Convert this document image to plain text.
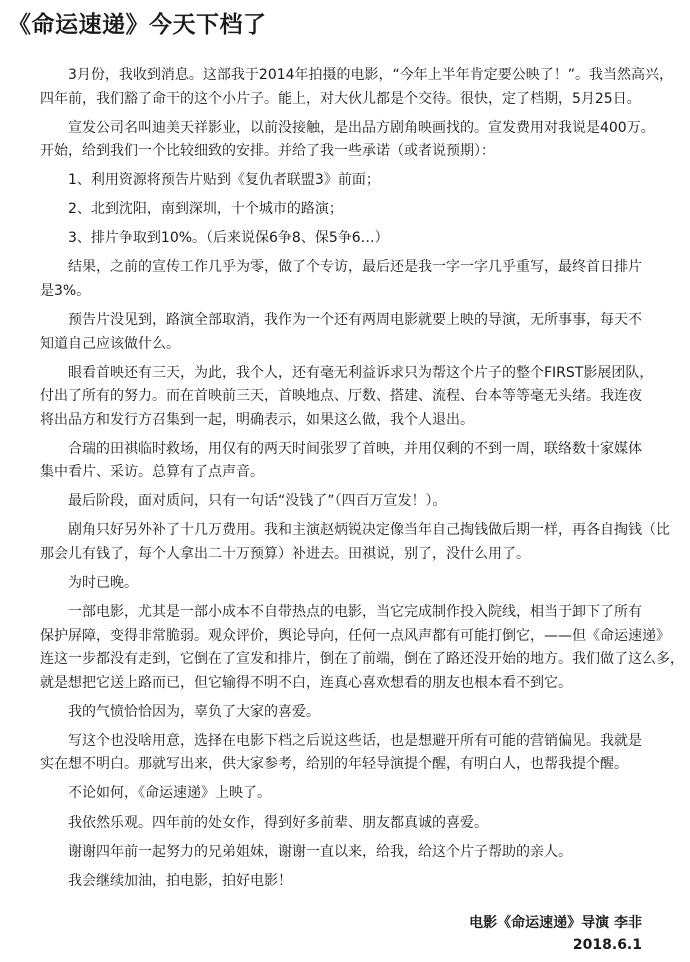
《命运速递》今天下档了

3月份，我收到消息。这部我于2014年拍摄的电影，“今年上半年肯定要公映了！”。我当然高兴，
四年前，我们豁了命干的这个小片子。能上，对大伙儿都是个交待。很快，定了档期，5月25日。

宣发公司名叫迪美天祥影业，以前没接触，是出品方剧角映画找的。宣发费用对我说是400万。
开始，给到我们一个比较细致的安排。并给了我一些承诺（或者说预期）：

1、利用资源将预告片贴到《复仇者联盟3》前面；

2、北到沈阳，南到深圳，十个城市的路演；

3、排片争取到10%。（后来说保6争8、保5争6…）

结果，之前的宣传工作几乎为零，做了个专访，最后还是我一字一字几乎重写，最终首日排片
是3%。

预告片没见到，路演全部取消，我作为一个还有两周电影就要上映的导演，无所事事，每天不
知道自己应该做什么。

眼看首映还有三天，为此，我个人，还有毫无利益诉求只为帮这个片子的整个FIRST影展团队，
付出了所有的努力。而在首映前三天，首映地点、厅数、搭建、流程、台本等等毫无头绪。我连夜
将出品方和发行方召集到一起，明确表示，如果这么做，我个人退出。

合瑞的田祺临时救场，用仅有的两天时间张罗了首映，并用仅剩的不到一周，联络数十家媒体
集中看片、采访。总算有了点声音。

最后阶段，面对质问，只有一句话“没钱了”（四百万宣发！）。

剧角只好另外补了十几万费用。我和主演赵炳锐决定像当年自己掏钱做后期一样，再各自掏钱（比
那会儿有钱了，每个人拿出二十万预算）补进去。田祺说，别了，没什么用了。

为时已晚。

一部电影，尤其是一部小成本不自带热点的电影，当它完成制作投入院线，相当于卸下了所有
保护屏障，变得非常脆弱。观众评价，舆论导向，任何一点风声都有可能打倒它，——但《命运速递》
连这一步都没有走到，它倒在了宣发和排片，倒在了前端，倒在了路还没开始的地方。我们做了这么多，
就是想把它送上路而已，但它输得不明不白，连真心喜欢想看的朋友也根本看不到它。

我的气愤恰恰因为，辜负了大家的喜爱。

写这个也没啥用意，选择在电影下档之后说这些话，也是想避开所有可能的营销偏见。我就是
实在想不明白。那就写出来，供大家参考，给别的年轻导演提个醒，有明白人，也帮我提个醒。

不论如何，《命运速递》上映了。

我依然乐观。四年前的处女作，得到好多前辈、朋友都真诚的喜爱。

谢谢四年前一起努力的兄弟姐妹，谢谢一直以来，给我，给这个片子帮助的亲人。

我会继续加油，拍电影，拍好电影！

电影《命运速递》导演 李非
2018.6.1
